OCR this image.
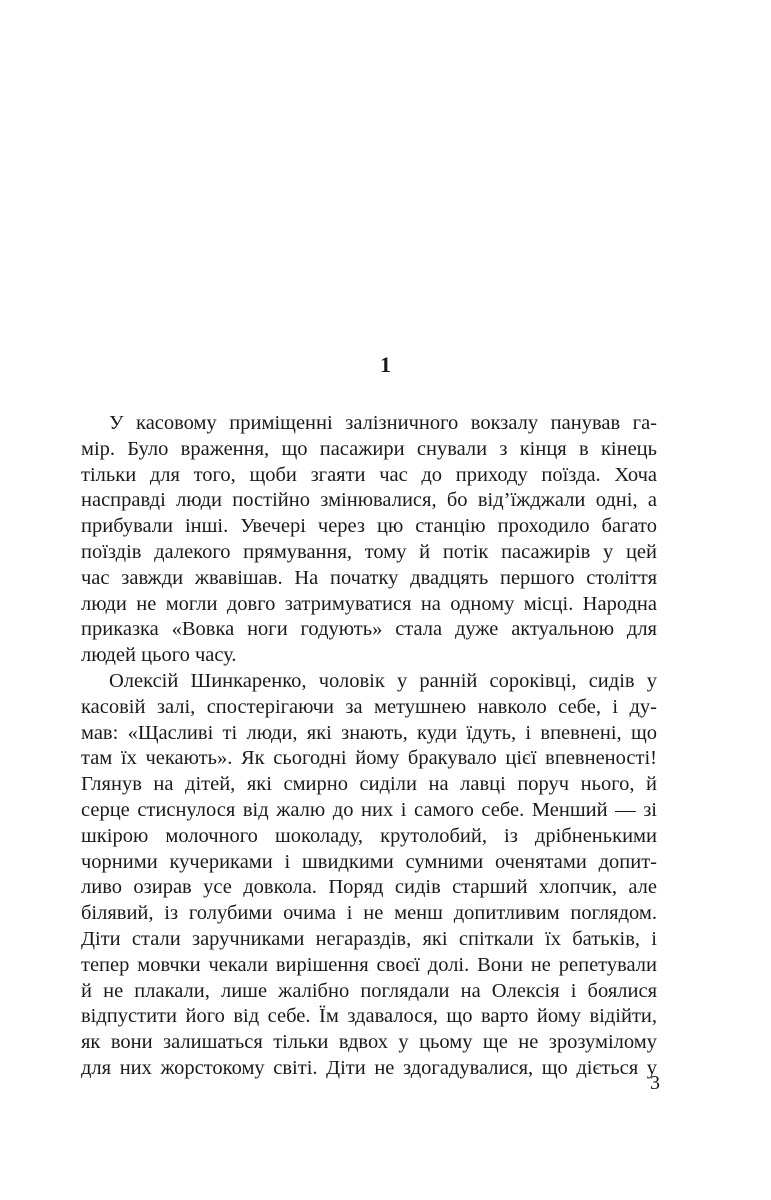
1
У касовому приміщенні залізничного вокзалу панував га-
мір. Було враження, що пасажири снували з кінця в кінець
тільки для того, щоби згаяти час до приходу поїзда. Хоча
насправді люди постійно змінювалися, бо від’їжджали одні, а
прибували інші. Увечері через цю станцію проходило багато
поїздів далекого прямування, тому й потік пасажирів у цей
час завжди жвавішав. На початку двадцять першого століття
люди не могли довго затримуватися на одному місці. Народна
приказка «Вовка ноги годують» стала дуже актуальною для
людей цього часу.
Олексій Шинкаренко, чоловік у ранній сороківці, сидів у
касовій залі, спостерігаючи за метушнею навколо себе, і ду-
мав: «Щасливі ті люди, які знають, куди їдуть, і впевнені, що
там їх чекають». Як сьогодні йому бракувало цієї впевненості!
Глянув на дітей, які смирно сиділи на лавці поруч нього, й
серце стиснулося від жалю до них і самого себе. Менший — зі
шкірою молочного шоколаду, крутолобий, із дрібненькими
чорними кучериками і швидкими сумними оченятами допит-
ливо озирав усе довкола. Поряд сидів старший хлопчик, але
білявий, із голубими очима і не менш допитливим поглядом.
Діти стали заручниками негараздів, які спіткали їх батьків, і
тепер мовчки чекали вирішення своєї долі. Вони не репетували
й не плакали, лише жалібно поглядали на Олексія і боялися
відпустити його від себе. Їм здавалося, що варто йому відійти,
як вони залишаться тільки вдвох у цьому ще не зрозумілому
для них жорстокому світі. Діти не здогадувалися, що діється у
3
